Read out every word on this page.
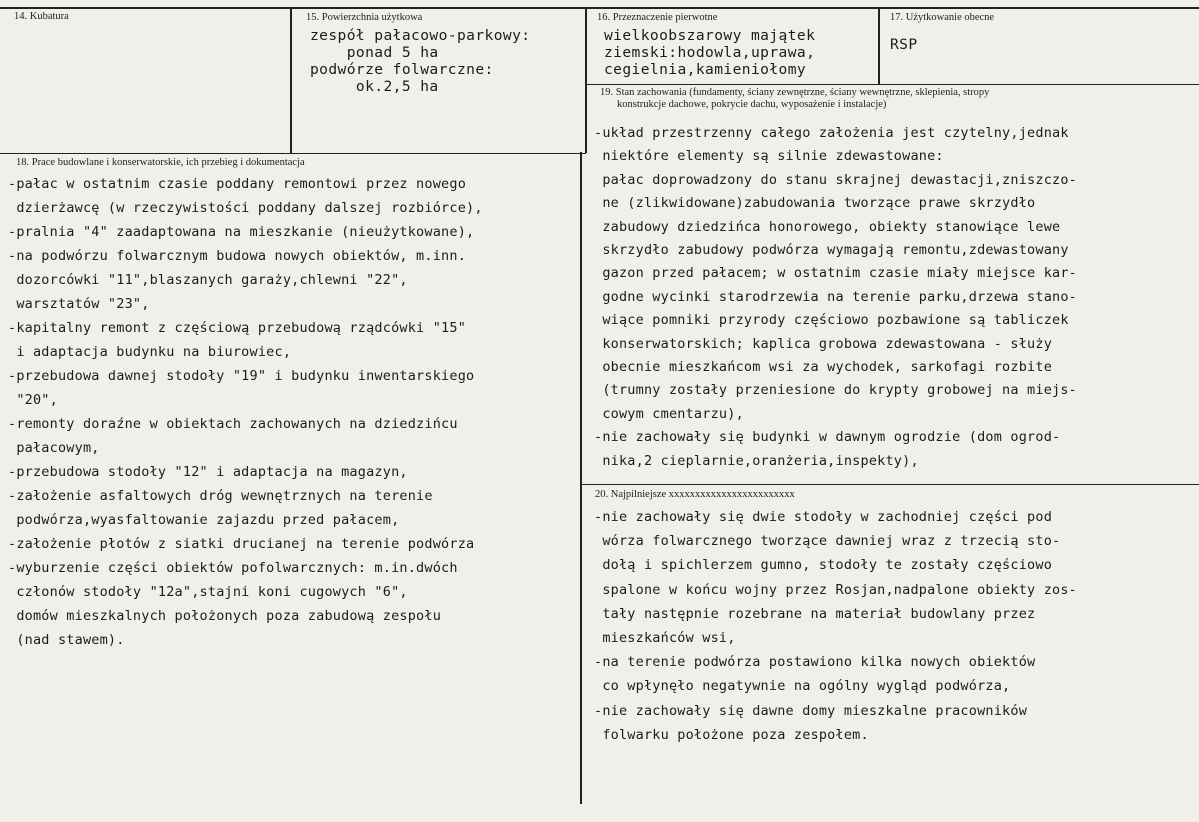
14. Kubatura	15. Powierzchnia użytkowa
zespół pałacowo-parkowy:
ponad 5 ha
podwórze folwarczne:
ok.2,5 ha
16. Przeznaczenie pierwotne
wielkoobszarowy majątek
ziemski:hodowla,uprawa,
cegielnia,kamieniołomy
17. Użytkowanie obecne
RSP
19. Stan zachowania (fundamenty, ściany zewnętrzne, ściany wewnętrzne, sklepienia, stropy
konstrukcje dachowe, pokrycie dachu, wyposażenie i instalacje)
-układ przestrzenny całego założenia jest czytelny,jednak
niektóre elementy są silnie zdewastowane:
pałac doprowadzony do stanu skrajnej dewastacji,zniszczo-
ne (zlikwidowane)zabudowania tworzące prawe skrzydło
zabudowy dziedzińca honorowego, obiekty stanowiące lewe
skrzydło zabudowy podwórza wymagają remontu,zdewastowany
gazon przed pałacem; w ostatnim czasie miały miejsce kar-
godne wycinki starodrzewia na terenie parku,drzewa stano-
wiące pomniki przyrody częściowo pozbawione są tabliczek
konserwatorskich; kaplica grobowa zdewastowana - służy
obecnie mieszkańcom wsi za wychodek, sarkofagi rozbite
(trumny zostały przeniesione do krypty grobowej na miejs-
cowym cmentarzu),
-nie zachowały się budynki w dawnym ogrodzie (dom ogrod-
nika,2 cieplarnie,oranżeria,inspekty),
18. Prace budowlane i konserwatorskie, ich przebieg i dokumentacja
-pałac w ostatnim czasie poddany remontowi przez nowego
dzierżawcę (w rzeczywistości poddany dalszej rozbiórce),
-pralnia "4" zaadaptowana na mieszkanie (nieużytkowane),
-na podwórzu folwarcznym budowa nowych obiektów, m.inn.
dozorcówki "11",blaszanych garaży,chlewni "22",
warsztatów "23",
-kapitalny remont z częściową przebudową rządcówki "15"
i adaptacja budynku na biurowiec,
-przebudowa dawnej stodoły "19" i budynku inwentarskiego
"20",
-remonty doraźne w obiektach zachowanych na dziedzińcu
pałacowym,
-przebudowa stodoły "12" i adaptacja na magazyn,
-założenie asfaltowych dróg wewnętrznych na terenie
podwórza,wyasfaltowanie zajazdu przed pałacem,
-założenie płotów z siatki drucianej na terenie podwórza
-wyburzenie części obiektów pofolwarcznych: m.in.dwóch
członów stodoły "12a",stajni koni cugowych "6",
domów mieszkalnych położonych poza zabudową zespołu
(nad stawem).
20. Najpilniejsze xxxxxxxxxxxxxxxxxxxxxxxx
-nie zachowały się dwie stodoły w zachodniej części pod
wórza folwarcznego tworzące dawniej wraz z trzecią sto-
dołą i spichlerzem gumno, stodoły te zostały częściowo
spalone w końcu wojny przez Rosjan,nadpalone obiekty zos-
tały następnie rozebrane na materiał budowlany przez
mieszkańców wsi,
-na terenie podwórza postawiono kilka nowych obiektów
co wpłynęło negatywnie na ogólny wygląd podwórza,
-nie zachowały się dawne domy mieszkalne pracowników
folwarku położone poza zespołem.
